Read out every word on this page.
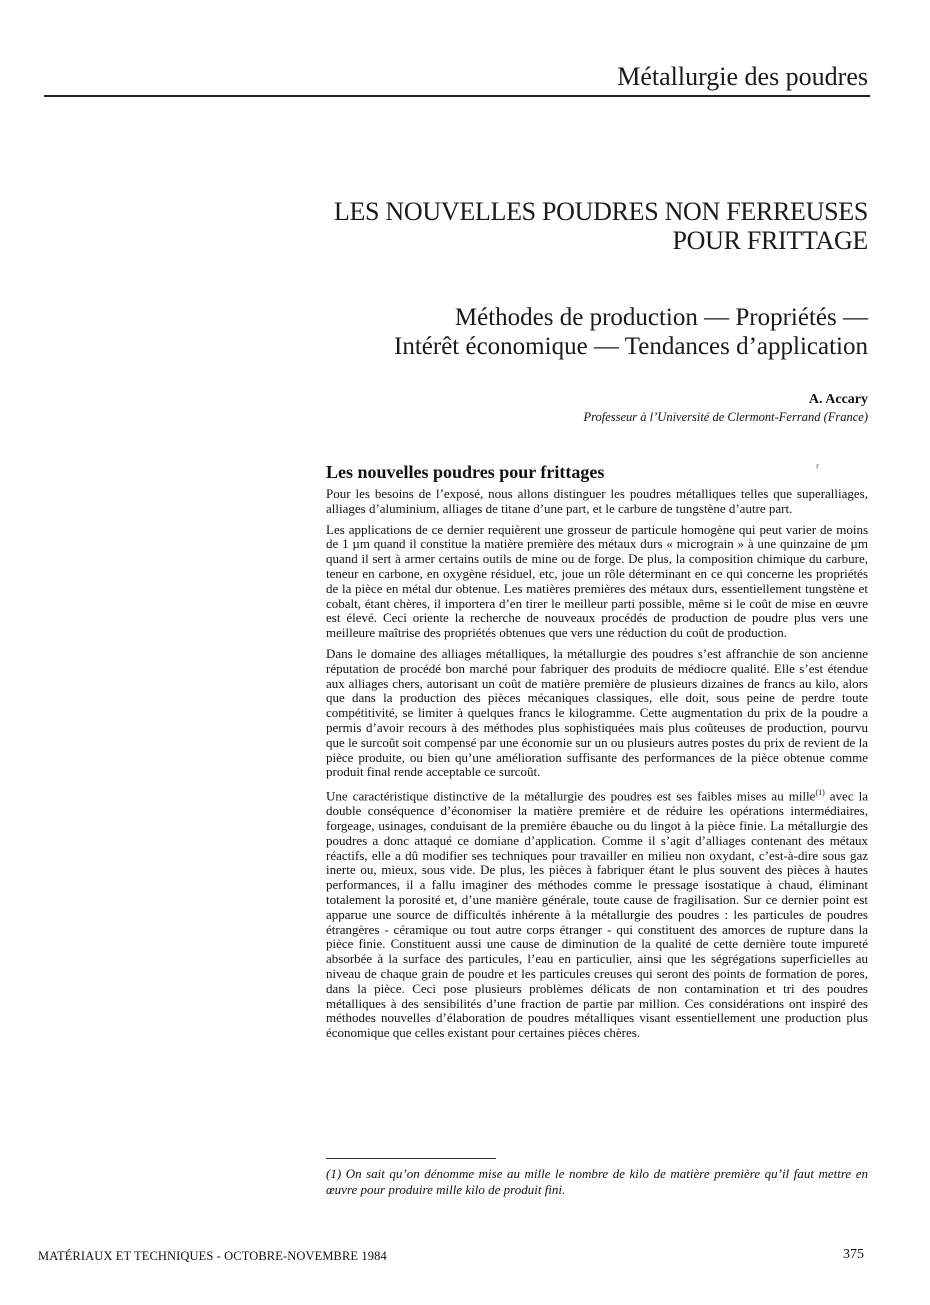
Métallurgie des poudres
LES NOUVELLES POUDRES NON FERREUSES
POUR FRITTAGE
Méthodes de production — Propriétés —
Intérêt économique — Tendances d’application
A. Accary
Professeur à l’Université de Clermont-Ferrand (France)
Les nouvelles poudres pour frittages	ʳ

Pour les besoins de l’exposé, nous allons distinguer les poudres métalliques telles que superalliages, alliages d’aluminium, alliages de titane d’une part, et le carbure de tungstène d’autre part.

Les applications de ce dernier requièrent une grosseur de particule homogène qui peut varier de moins de 1 µm quand il constitue la matière première des métaux durs « micrograin » à une quinzaine de µm quand il sert à armer certains outils de mine ou de forge. De plus, la composition chimique du carbure, teneur en carbone, en oxygène résiduel, etc, joue un rôle déterminant en ce qui concerne les propriétés de la pièce en métal dur obtenue. Les matières premières des métaux durs, essentiellement tungstène et cobalt, étant chères, il importera d’en tirer le meilleur parti possible, même si le coût de mise en œuvre est élevé. Ceci oriente la recherche de nouveaux procédés de production de poudre plus vers une meilleure maîtrise des propriétés obtenues que vers une réduction du coût de production.

Dans le domaine des alliages métalliques, la métallurgie des poudres s’est affranchie de son ancienne réputation de procédé bon marché pour fabriquer des produits de médiocre qualité. Elle s’est étendue aux alliages chers, autorisant un coût de matière première de plusieurs dizaines de francs au kilo, alors que dans la production des pièces mécaniques classiques, elle doit, sous peine de perdre toute compétitivité, se limiter à quelques francs le kilogramme. Cette augmentation du prix de la poudre a permis d’avoir recours à des méthodes plus sophistiquées mais plus coûteuses de production, pourvu que le surcoût soit compensé par une économie sur un ou plusieurs autres postes du prix de revient de la pièce produite, ou bien qu’une amélioration suffisante des performances de la pièce obtenue comme produit final rende acceptable ce surcoût.

Une caractéristique distinctive de la métallurgie des poudres est ses faibles mises au mille$^{(1)}$ avec la double conséquence d’économiser la matière première et de réduire les opérations intermédiaires, forgeage, usinages, conduisant de la première ébauche ou du lingot à la pièce finie. La métallurgie des poudres a donc attaqué ce domiane d’application. Comme il s’agit d’alliages contenant des métaux réactifs, elle a dû modifier ses techniques pour travailler en milieu non oxydant, c’est-à-dire sous gaz inerte ou, mieux, sous vide. De plus, les pièces à fabriquer étant le plus souvent des pièces à hautes performances, il a fallu imaginer des méthodes comme le pressage isostatique à chaud, éliminant totalement la porosité et, d’une manière générale, toute cause de fragilisation. Sur ce dernier point est apparue une source de difficultés inhérente à la métallurgie des poudres : les particules de poudres étrangères - céramique ou tout autre corps étranger - qui constituent des amorces de rupture dans la pièce finie. Constituent aussi une cause de diminution de la qualité de cette dernière toute impureté absorbée à la surface des particules, l’eau en particulier, ainsi que les ségrégations superficielles au niveau de chaque grain de poudre et les particules creuses qui seront des points de formation de pores, dans la pièce. Ceci pose plusieurs problèmes délicats de non contamination et tri des poudres métalliques à des sensibilités d’une fraction de partie par million. Ces considérations ont inspiré des méthodes nouvelles d’élaboration de poudres métalliques visant essentiellement une production plus économique que celles existant pour certaines pièces chères.

(1) On sait qu’on dénomme mise au mille le nombre de kilo de matière première qu’il faut mettre en œuvre pour produire mille kilo de produit fini.
MATÉRIAUX ET TECHNIQUES - OCTOBRE-NOVEMBRE 1984	375
